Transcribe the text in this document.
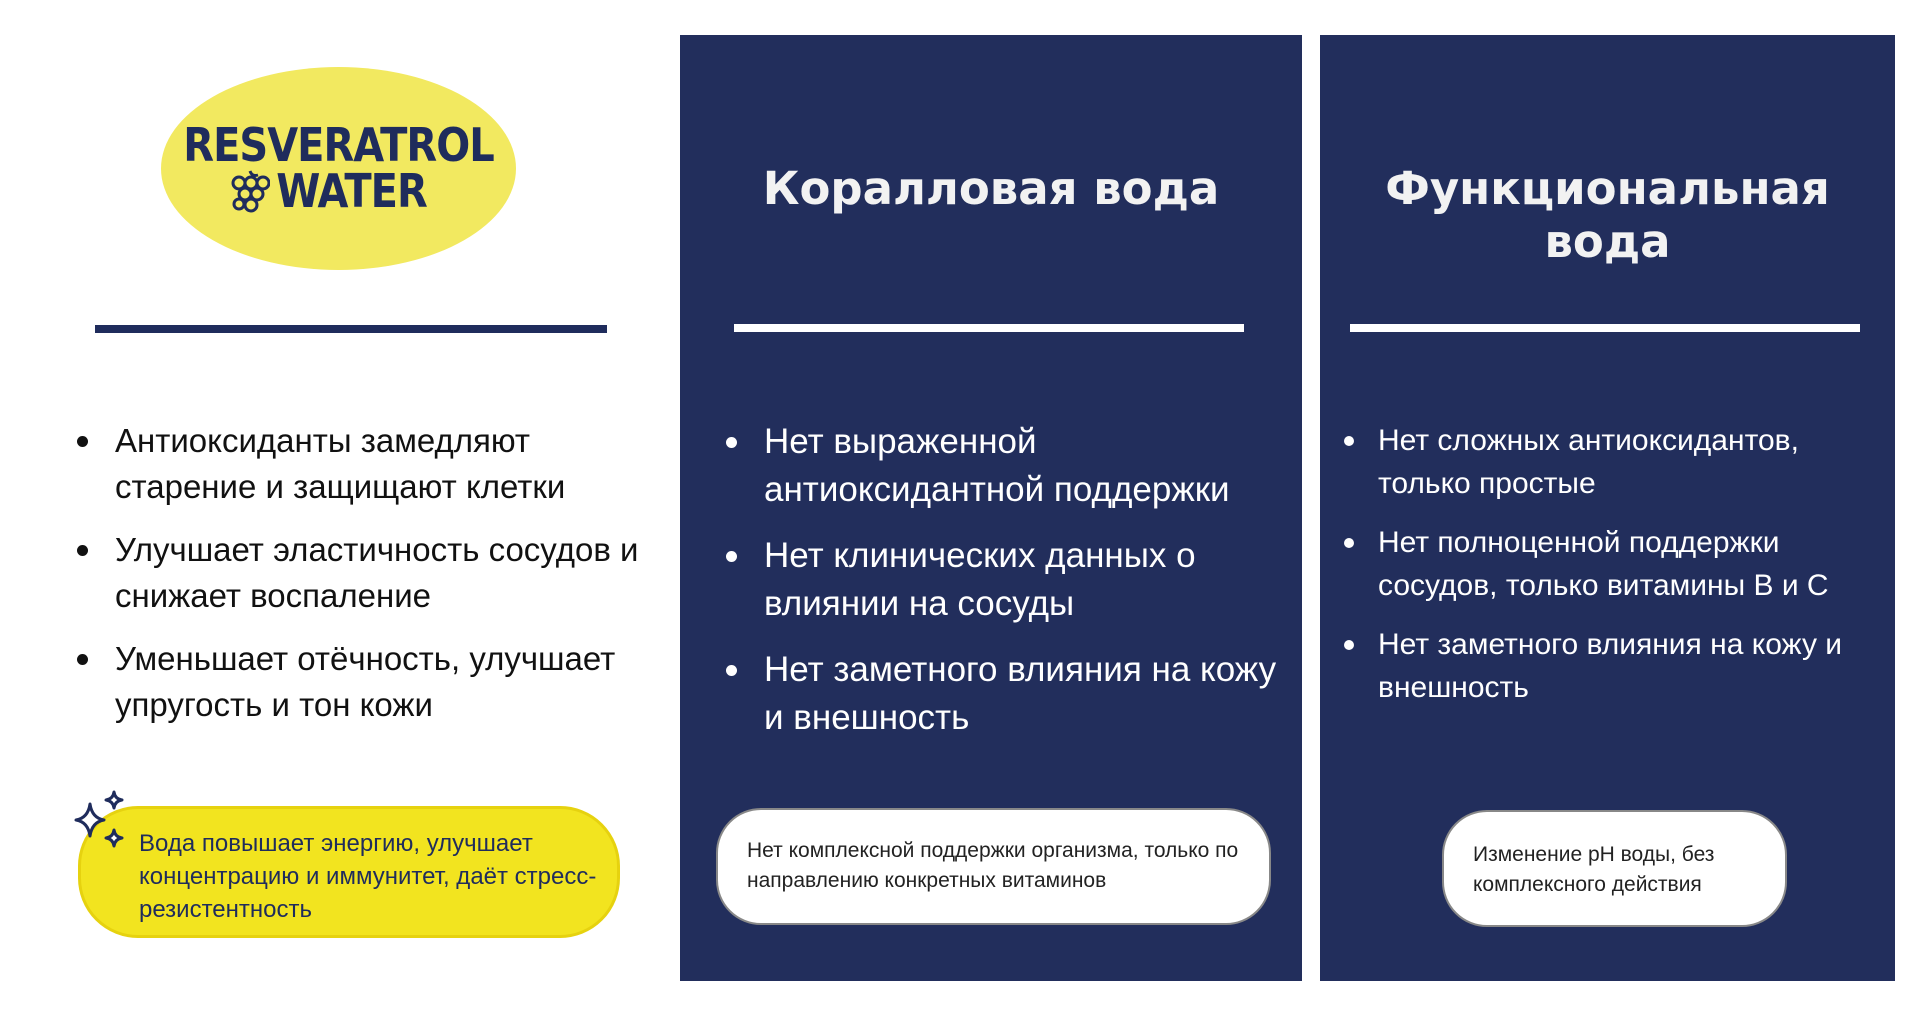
RESVERATROL
WATER
Антиоксиданты замедляют старение и защищают клетки
Улучшает эластичность сосудов и снижает воспаление
Уменьшает отёчность, улучшает упругость и тон кожи
Вода повышает энергию, улучшает концентрацию и иммунитет, даёт стресс-резистентность
Коралловая вода
Нет выраженной антиоксидантной поддержки
Нет клинических данных о влиянии на сосуды
Нет заметного влияния на кожу и внешность
Нет комплексной поддержки организма, только по направлению конкретных витаминов
Функциональная вода
Нет сложных антиоксидантов, только простые
Нет полноценной поддержки сосудов, только витамины B и C
Нет заметного влияния на кожу и внешность
Изменение pH воды, без комплексного действия
